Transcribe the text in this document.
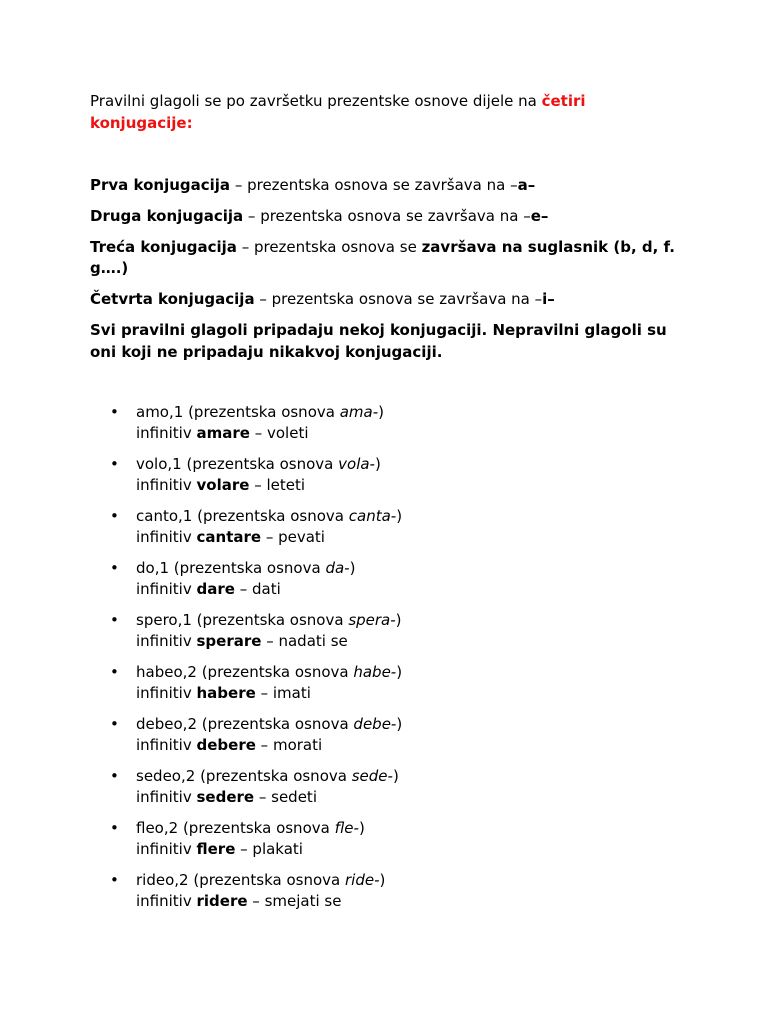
Pravilni glagoli se po završetku prezentske osnove dijele na četiri konjugacije:

Prva konjugacija – prezentska osnova se završava na –a–

Druga konjugacija – prezentska osnova se završava na –e–

Treća konjugacija – prezentska osnova se završava na suglasnik (b, d, f. g….)

Četvrta konjugacija – prezentska osnova se završava na –i–

Svi pravilni glagoli pripadaju nekoj konjugaciji. Nepravilni glagoli su oni koji ne pripadaju nikakvoj konjugaciji.

• amo,1 (prezentska osnova ama-)
infinitiv amare – voleti
• volo,1 (prezentska osnova vola-)
infinitiv volare – leteti
• canto,1 (prezentska osnova canta-)
infinitiv cantare – pevati
• do,1 (prezentska osnova da-)
infinitiv dare – dati
• spero,1 (prezentska osnova spera-)
infinitiv sperare – nadati se
• habeo,2 (prezentska osnova habe-)
infinitiv habere – imati
• debeo,2 (prezentska osnova debe-)
infinitiv debere – morati
• sedeo,2 (prezentska osnova sede-)
infinitiv sedere – sedeti
• fleo,2 (prezentska osnova fle-)
infinitiv flere – plakati
• rideo,2 (prezentska osnova ride-)
infinitiv ridere – smejati se
